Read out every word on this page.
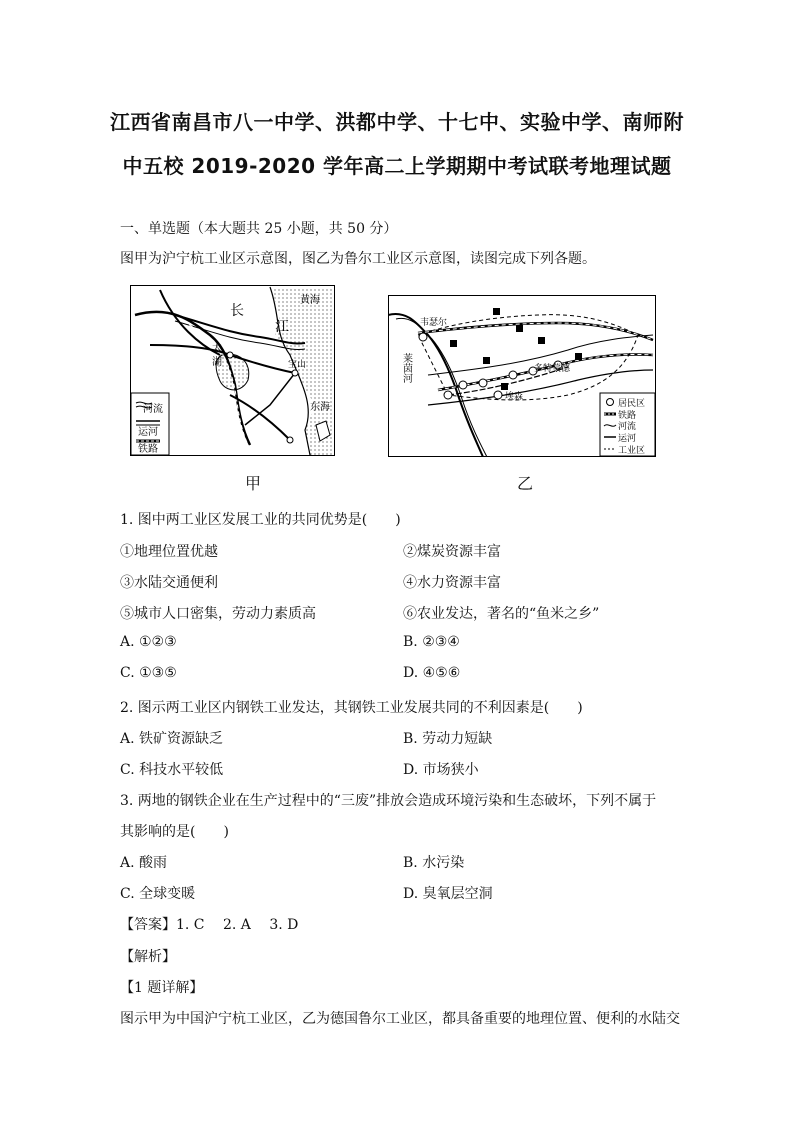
江西省南昌市八一中学、洪都中学、十七中、实验中学、南师附
中五校 2019-2020 学年高二上学期期中考试联考地理试题
一、单选题（本大题共 25 小题，共 50 分）
图甲为沪宁杭工业区示意图，图乙为鲁尔工业区示意图，读图完成下列各题。
黄海
长
江
太
湖	宝山
东海
河流
运河
铁路
甲
韦瑟尔
莱茵河	多特蒙德
埃森
居民区
铁路
河流
运河
工业区
乙
1. 图中两工业区发展工业的共同优势是(　　)
①地理位置优越	②煤炭资源丰富
③水陆交通便利	④水力资源丰富
⑤城市人口密集，劳动力素质高	⑥农业发达，著名的“鱼米之乡”
A. ①②③	B. ②③④
C. ①③⑤	D. ④⑤⑥
2. 图示两工业区内钢铁工业发达，其钢铁工业发展共同的不利因素是(　　)
A. 铁矿资源缺乏	B. 劳动力短缺
C. 科技水平较低	D. 市场狭小
3. 两地的钢铁企业在生产过程中的“三废”排放会造成环境污染和生态破坏，下列不属于
其影响的是(　　)
A. 酸雨	B. 水污染
C. 全球变暖	D. 臭氧层空洞
【答案】1. C　 2. A　 3. D
【解析】
【1 题详解】
图示甲为中国沪宁杭工业区，乙为德国鲁尔工业区，都具备重要的地理位置、便利的水陆交
